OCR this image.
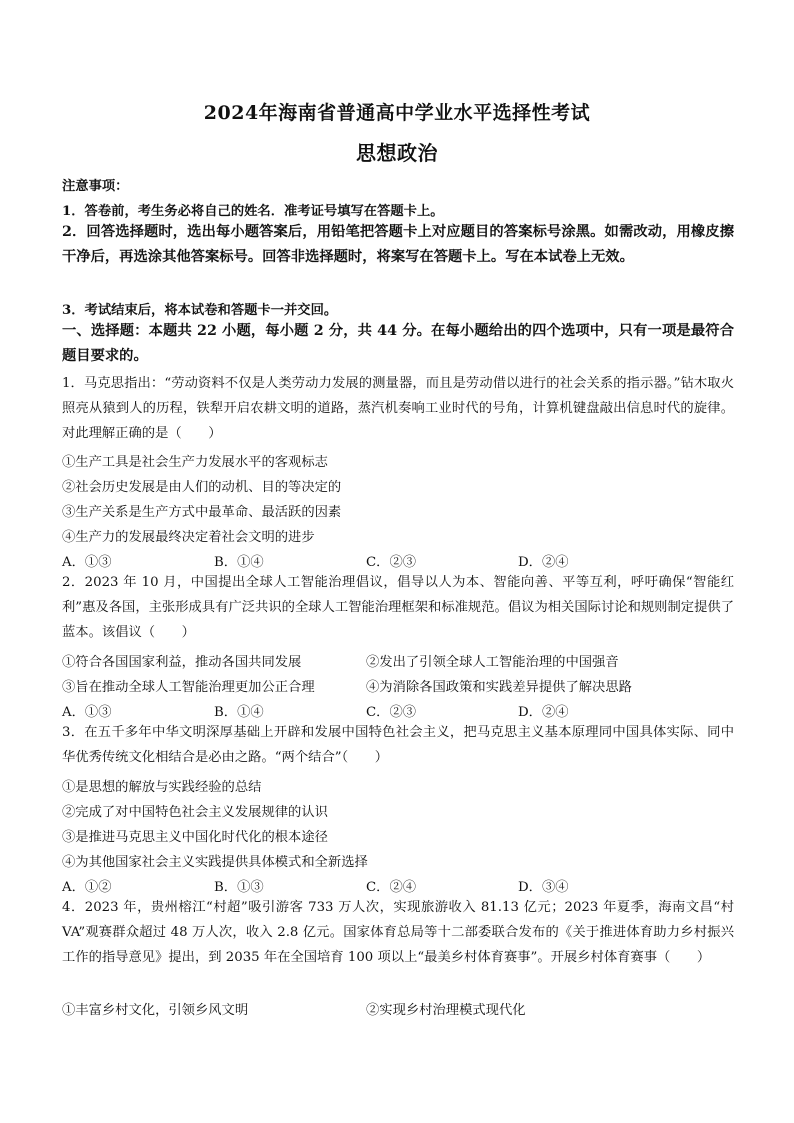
2024年海南省普通高中学业水平选择性考试
思想政治
注意事项：
1．答卷前，考生务必将自己的姓名．准考证号填写在答题卡上。
2．回答选择题时，选出每小题答案后，用铅笔把答题卡上对应题目的答案标号涂黑。如需改动，用橡皮擦干净后，再选涂其他答案标号。回答非选择题时，将案写在答题卡上。写在本试卷上无效。
3．考试结束后，将本试卷和答题卡一并交回。
一、选择题：本题共 22 小题，每小题 2 分，共 44 分。在每小题给出的四个选项中，只有一项是最符合题目要求的。
1．马克思指出：“劳动资料不仅是人类劳动力发展的测量器，而且是劳动借以进行的社会关系的指示器。”钻木取火照亮从猿到人的历程，铁犁开启农耕文明的道路，蒸汽机奏响工业时代的号角，计算机键盘敲出信息时代的旋律。对此理解正确的是（　　）
①生产工具是社会生产力发展水平的客观标志
②社会历史发展是由人们的动机、目的等决定的
③生产关系是生产方式中最革命、最活跃的因素
④生产力的发展最终决定着社会文明的进步
A．①③	B．①④	C．②③	D．②④
2．2023 年 10 月，中国提出全球人工智能治理倡议，倡导以人为本、智能向善、平等互利，呼吁确保“智能红利”惠及各国，主张形成具有广泛共识的全球人工智能治理框架和标准规范。倡议为相关国际讨论和规则制定提供了蓝本。该倡议（　　）
①符合各国国家利益，推动各国共同发展	②发出了引领全球人工智能治理的中国强音
③旨在推动全球人工智能治理更加公正合理	④为消除各国政策和实践差异提供了解决思路
A．①③	B．①④	C．②③	D．②④
3．在五千多年中华文明深厚基础上开辟和发展中国特色社会主义，把马克思主义基本原理同中国具体实际、同中华优秀传统文化相结合是必由之路。“两个结合”（　　）
①是思想的解放与实践经验的总结
②完成了对中国特色社会主义发展规律的认识
③是推进马克思主义中国化时代化的根本途径
④为其他国家社会主义实践提供具体模式和全新选择
A．①②	B．①③	C．②④	D．③④
4．2023 年，贵州榕江“村超”吸引游客 733 万人次，实现旅游收入 81.13 亿元；2023 年夏季，海南文昌“村 VA”观赛群众超过 48 万人次，收入 2.8 亿元。国家体育总局等十二部委联合发布的《关于推进体育助力乡村振兴工作的指导意见》提出，到 2035 年在全国培育 100 项以上“最美乡村体育赛事”。开展乡村体育赛事（　　）
①丰富乡村文化，引领乡风文明	②实现乡村治理模式现代化
